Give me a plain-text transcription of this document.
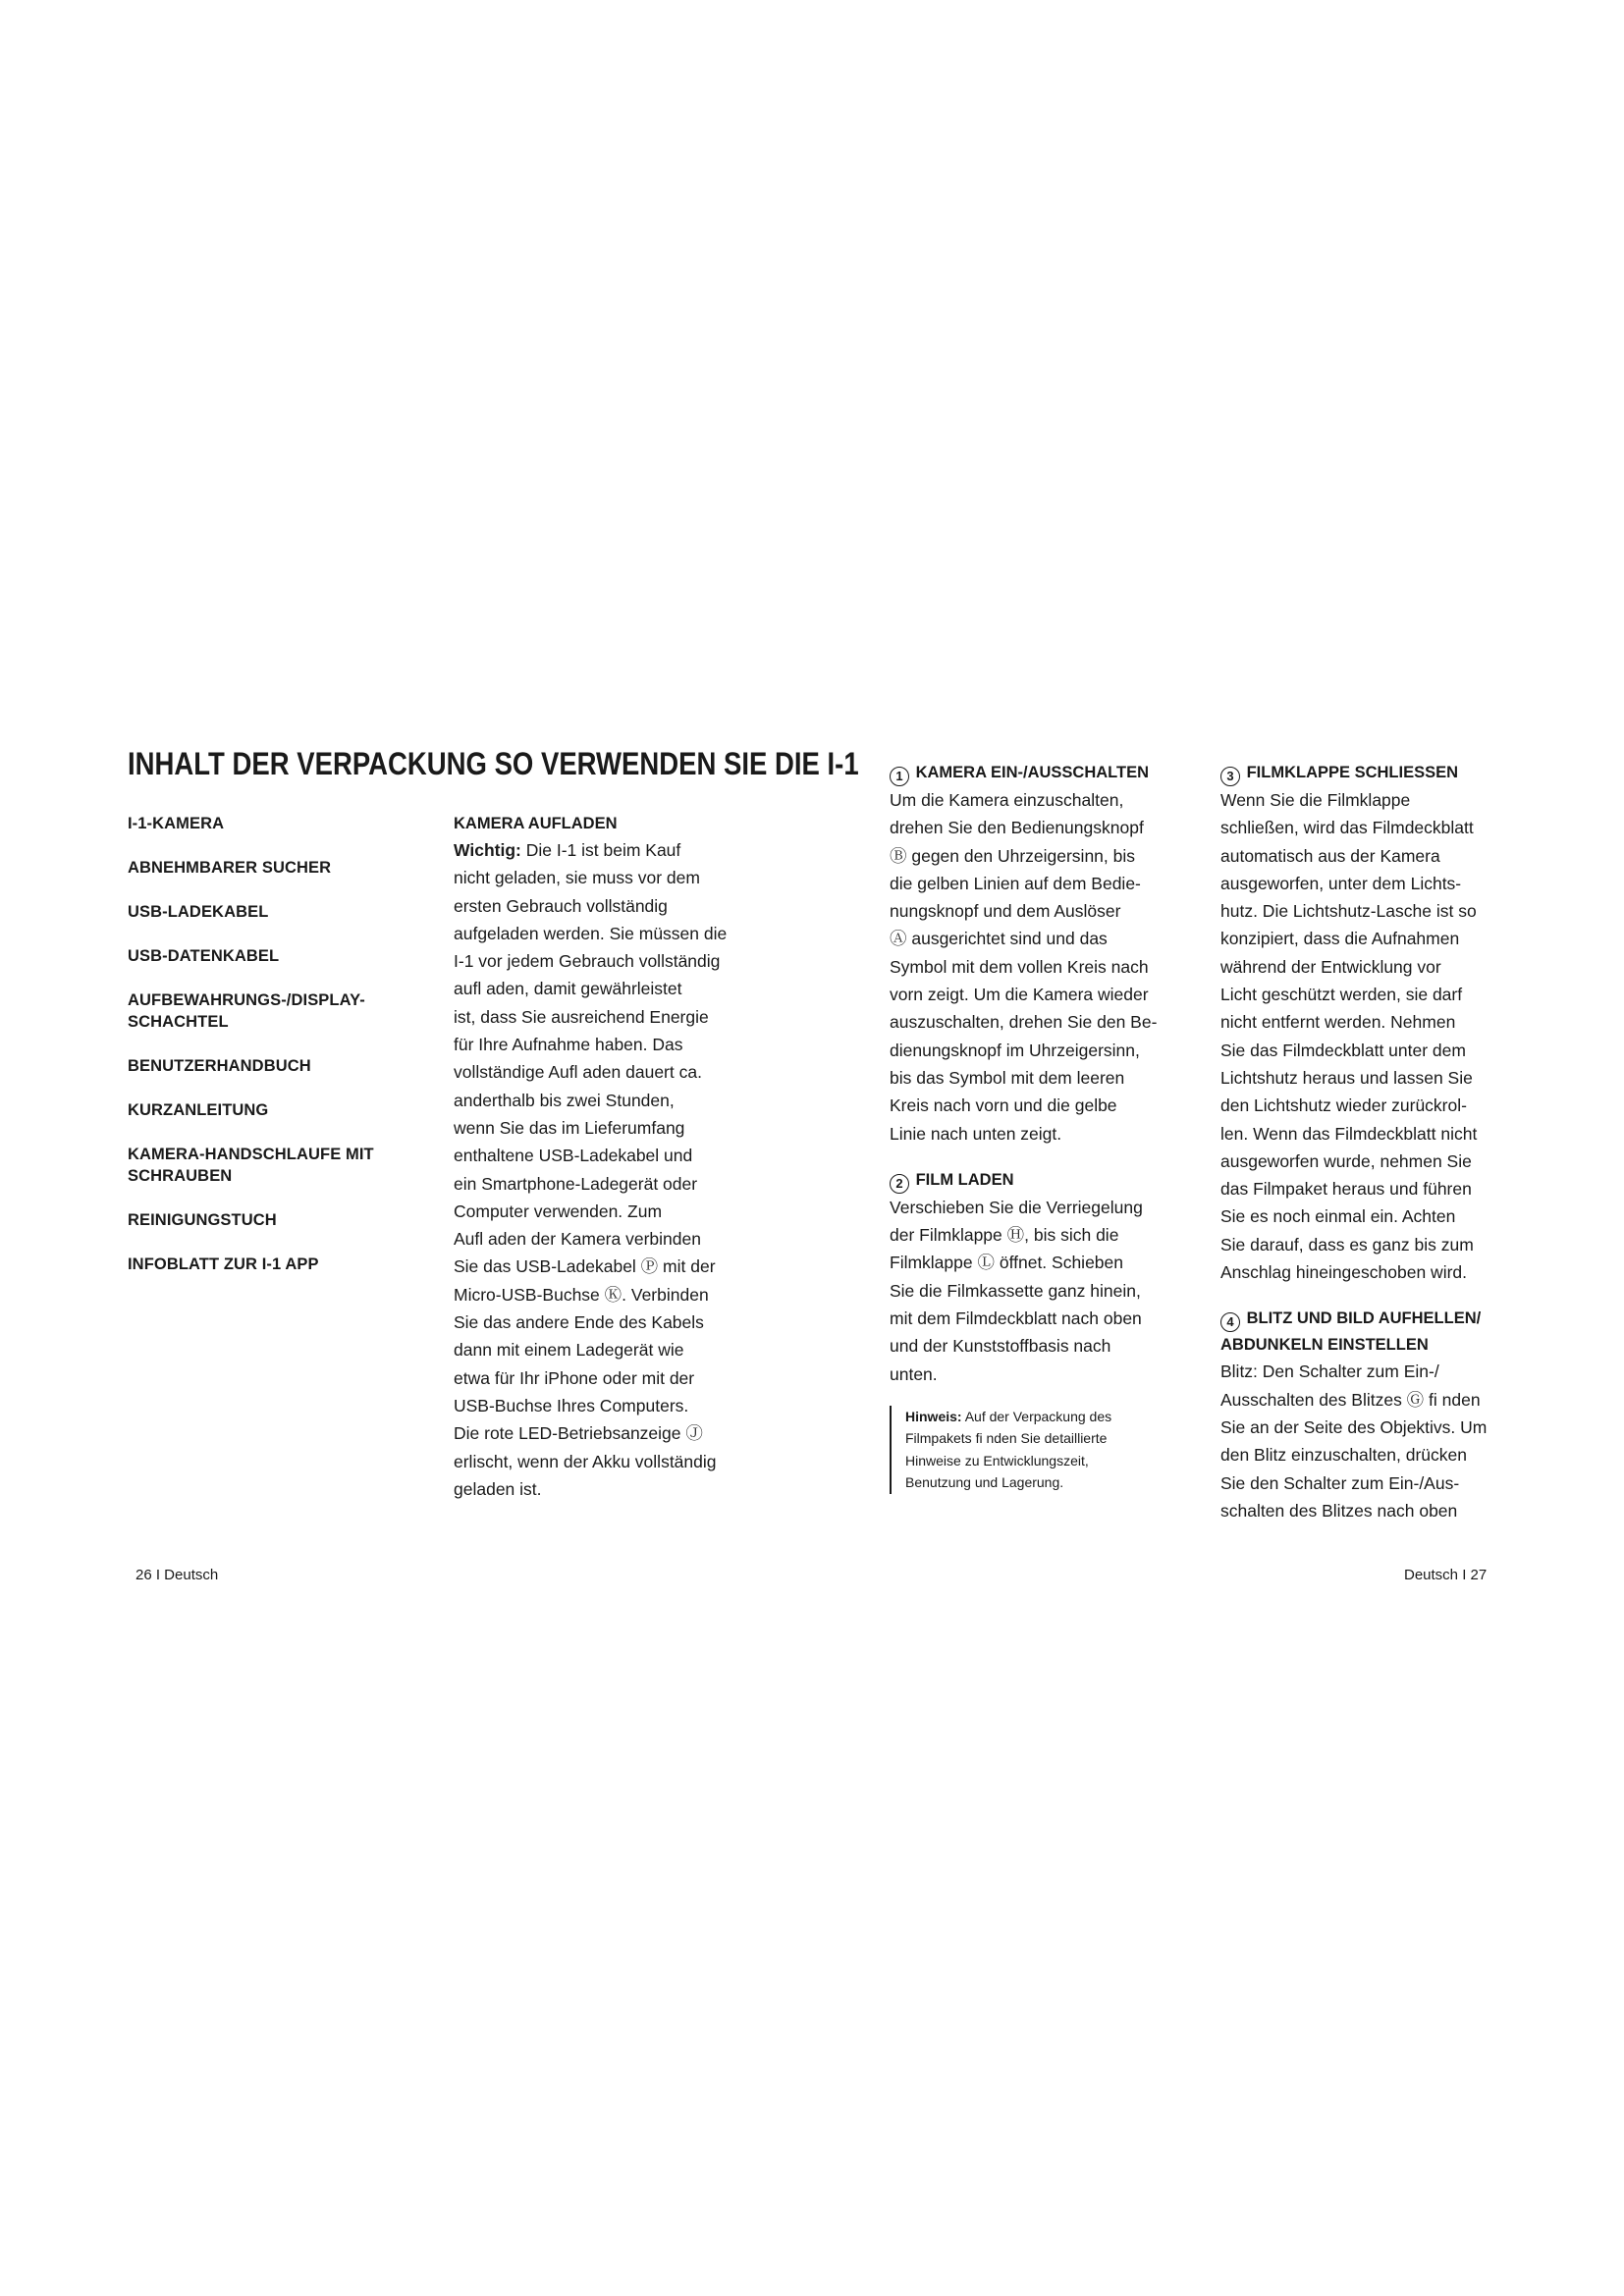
INHALT DER VERPACKUNG SO VERWENDEN SIE DIE I-1

I-1-KAMERA

ABNEHMBARER SUCHER

USB-LADEKABEL

USB-DATENKABEL

AUFBEWAHRUNGS-/DISPLAY- SCHACHTEL

BENUTZERHANDBUCH

KURZANLEITUNG

KAMERA-HANDSCHLAUFE MIT SCHRAUBEN

REINIGUNGSTUCH

INFOBLATT ZUR I-1 APP

KAMERA AUFLADEN

Wichtig: Die I-1 ist beim Kauf
nicht geladen, sie muss vor dem
ersten Gebrauch vollständig
aufgeladen werden. Sie müssen die
I-1 vor jedem Gebrauch vollständig
aufl aden, damit gewährleistet
ist, dass Sie ausreichend Energie
für Ihre Aufnahme haben. Das
vollständige Aufl aden dauert ca.
anderthalb bis zwei Stunden,
wenn Sie das im Lieferumfang
enthaltene USB-Ladekabel und
ein Smartphone-Ladegerät oder
Computer verwenden. Zum
Aufl aden der Kamera verbinden
Sie das USB-Ladekabel Ⓟ mit der
Micro-USB-Buchse Ⓚ. Verbinden
Sie das andere Ende des Kabels
dann mit einem Ladegerät wie
etwa für Ihr iPhone oder mit der
USB-Buchse Ihres Computers.
Die rote LED-Betriebsanzeige Ⓙ
erlischt, wenn der Akku vollständig
geladen ist.

1 KAMERA EIN-/AUSSCHALTEN

Um die Kamera einzuschalten,
drehen Sie den Bedienungsknopf
Ⓑ gegen den Uhrzeigersinn, bis
die gelben Linien auf dem Bedie-
nungsknopf und dem Auslöser
Ⓐ ausgerichtet sind und das
Symbol mit dem vollen Kreis nach
vorn zeigt. Um die Kamera wieder
auszuschalten, drehen Sie den Be-
dienungsknopf im Uhrzeigersinn,
bis das Symbol mit dem leeren
Kreis nach vorn und die gelbe
Linie nach unten zeigt.

2 FILM LADEN

Verschieben Sie die Verriegelung
der Filmklappe Ⓗ, bis sich die
Filmklappe Ⓛ öffnet. Schieben
Sie die Filmkassette ganz hinein,
mit dem Filmdeckblatt nach oben
und der Kunststoffbasis nach
unten.
Hinweis: Auf der Verpackung des
Filmpakets fi nden Sie detaillierte
Hinweise zu Entwicklungszeit,
Benutzung und Lagerung.

3 FILMKLAPPE SCHLIESSEN

Wenn Sie die Filmklappe
schließen, wird das Filmdeckblatt
automatisch aus der Kamera
ausgeworfen, unter dem Lichts-
hutz. Die Lichtshutz-Lasche ist so
konzipiert, dass die Aufnahmen
während der Entwicklung vor
Licht geschützt werden, sie darf
nicht entfernt werden. Nehmen
Sie das Filmdeckblatt unter dem
Lichtshutz heraus und lassen Sie
den Lichtshutz wieder zurückrol-
len. Wenn das Filmdeckblatt nicht
ausgeworfen wurde, nehmen Sie
das Filmpaket heraus und führen
Sie es noch einmal ein. Achten
Sie darauf, dass es ganz bis zum
Anschlag hineingeschoben wird.

4 BLITZ UND BILD AUFHELLEN/

ABDUNKELN EINSTELLEN

Blitz: Den Schalter zum Ein-/
Ausschalten des Blitzes Ⓖ fi nden
Sie an der Seite des Objektivs. Um
den Blitz einzuschalten, drücken
Sie den Schalter zum Ein-/Aus-
schalten des Blitzes nach oben
26 I Deutsch	Deutsch I 27
